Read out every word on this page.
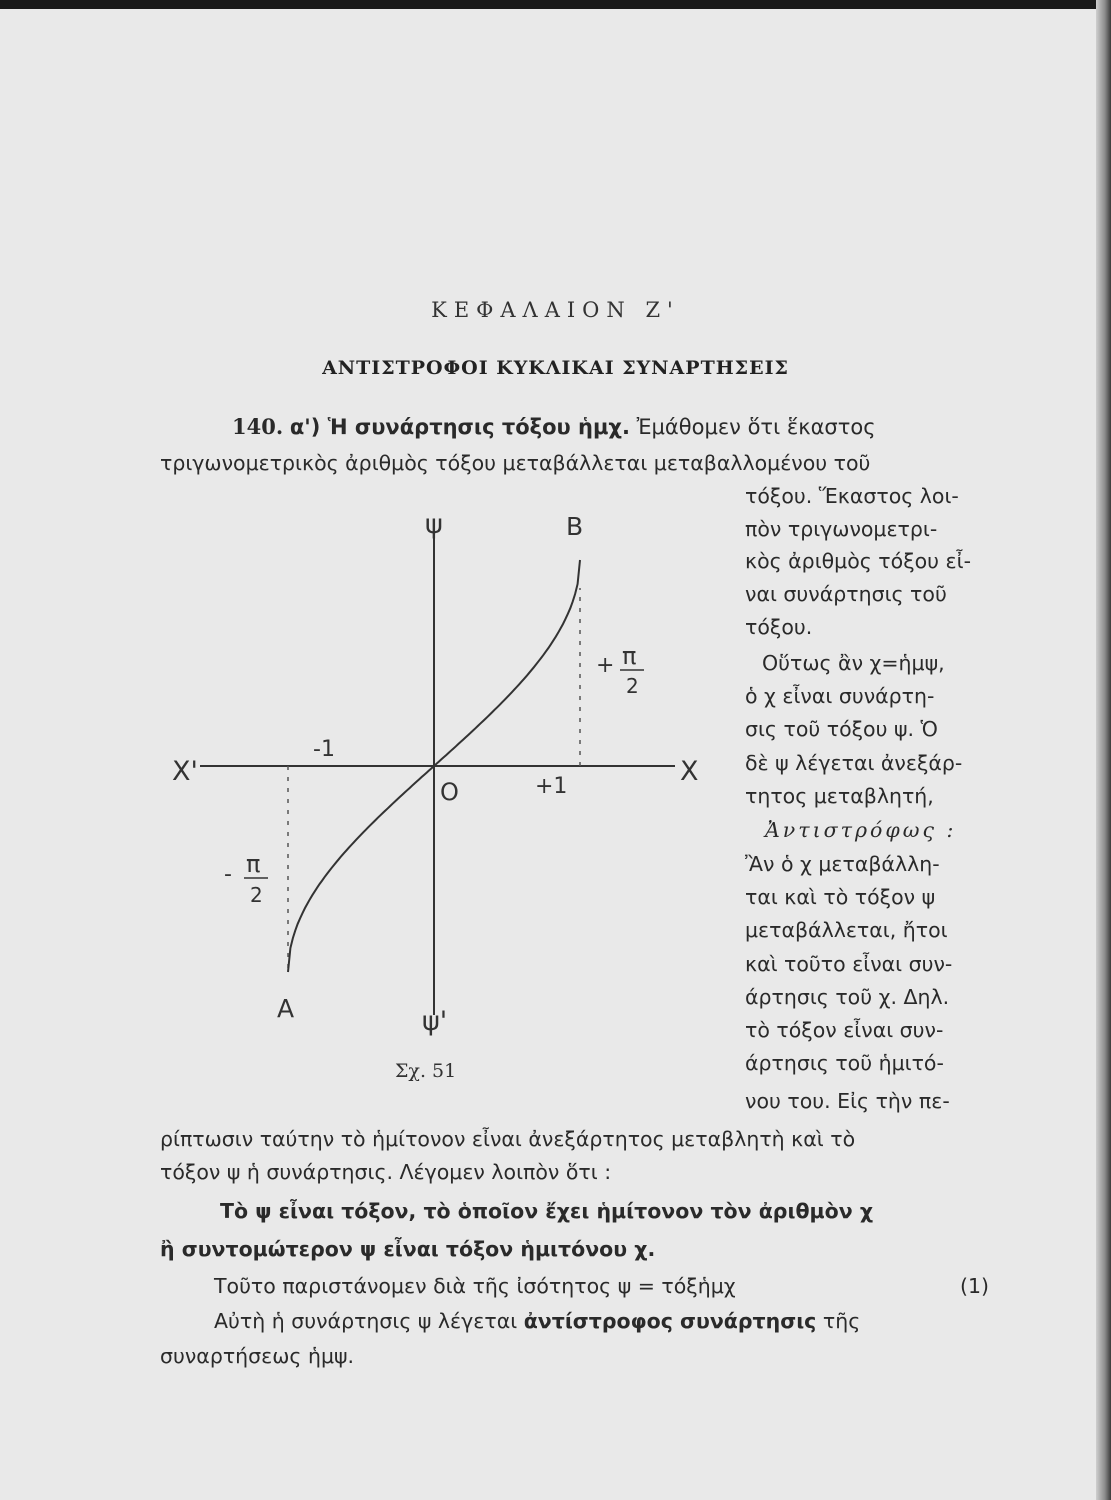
ΚΕΦΑΛΑΙΟΝ Ζ'
ΑΝΤΙΣΤΡΟΦΟΙ ΚΥΚΛΙΚΑΙ ΣΥΝΑΡΤΗΣΕΙΣ
140. α') Ἡ συνάρτησις τόξου ἡμχ. Ἐμάθομεν ὅτι ἕκαστος
τριγωνομετρικὸς ἀριθμὸς τόξου μεταβάλλεται μεταβαλλομένου τοῦ
τόξου. Ἕκαστος λοι-
πὸν τριγωνομετρι-
κὸς ἀριθμὸς τόξου εἶ-
ναι συνάρτησις τοῦ
τόξου.
Οὕτως ἂν χ=ἡμψ,
ὁ χ εἶναι συνάρτη-
σις τοῦ τόξου ψ. Ὁ
δὲ ψ λέγεται ἀνεξάρ-
τητος μεταβλητή,
Ἀντιστρόφως :
Ἂν ὁ χ μεταβάλλη-
ται καὶ τὸ τόξον ψ
μεταβάλλεται, ἤτοι
καὶ τοῦτο εἶναι συν-
άρτησις τοῦ χ. Δηλ.
τὸ τόξον εἶναι συν-
άρτησις τοῦ ἡμιτό-
νου του. Εἰς τὴν πε-
ψ
ψ'
Χ'	Χ
Ο
Β
Α
-1
+1
+ π
2
- π
2
Σχ. 51
ρίπτωσιν ταύτην τὸ ἡμίτονον εἶναι ἀνεξάρτητος μεταβλητὴ καὶ τὸ
τόξον ψ ἡ συνάρτησις. Λέγομεν λοιπὸν ὅτι :
Τὸ ψ εἶναι τόξον, τὸ ὁποῖον ἔχει ἡμίτονον τὸν ἀριθμὸν χ
ἢ συντομώτερον ψ εἶναι τόξον ἡμιτόνου χ.
Τοῦτο παριστάνομεν διὰ τῆς ἰσότητος ψ = τόξἡμχ	(1)
Αὐτὴ ἡ συνάρτησις ψ λέγεται ἀντίστροφος συνάρτησις τῆς
συναρτήσεως ἡμψ.
